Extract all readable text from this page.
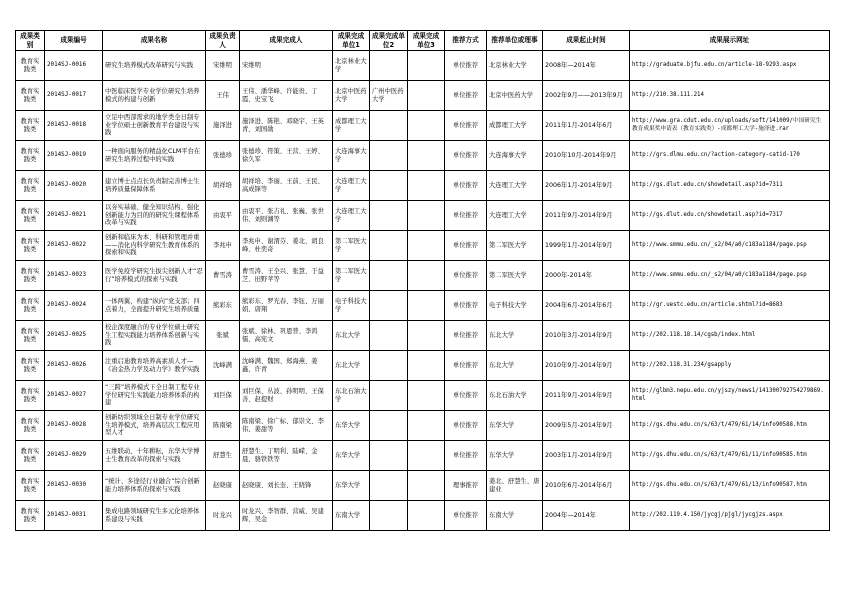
成果类别	成果编号	成果名称	成果负责人	成果完成人	成果完成单位1	成果完成单位2	成果完成单位3	推荐方式	推荐单位或理事	成果起止时间	成果展示网址
教育实践类	2014SJ-0016	研究生培养模式改革研究与实践	宋维明	宋维明	北京林业大学			单位推荐	北京林业大学	2008年—2014年	http://graduate.bjfu.edu.cn/article-18-9293.aspx
教育实践类	2014SJ-0017	中医临床医学专业学位研究生培养模式的构建与创新	王伟	王伟、潘华峰、许能贵、丁霞、史宝飞	北京中医药大学	广州中医药大学		单位推荐	北京中医药大学	2002年9月——2013年9月	http://210.38.111.214
教育实践类	2014SJ-0018	立足中西部需求的地学类全日制专业学位硕士创新教育平台建设与实践	施泽进	施泽进、陈艳、邓晓宇、王英青、刘国勋	成都理工大学			单位推荐	成都理工大学	2011年1月-2014年6月	http://www.gra.cdut.edu.cn/uploads/soft/141009/中国研究生教育成果奖申请表（教育实践类）-成都理工大学-施泽进.rar
教育实践类	2014SJ-0019	一种面向服务的精益化CLM平台在研究生培养过程中的实践	张德珍	张德珍、符策、王营、王婷、徐久军	大连海事大学			单位推荐	大连海事大学	2010年10月-2014年9月	http://grs.dlmu.edu.cn/?action-category-catid-170
教育实践类	2014SJ-0020	建立博士点点长负责制完善博士生培养质量保障体系	胡祥培	胡祥培、李丽、王前、王民、高成锋等	大连理工大学			单位推荐	大连理工大学	2006年1月-2014年9月	http://gs.dlut.edu.cn/showdetail.asp?id=7311
教育实践类	2014SJ-0021	以夯实基础、健全知识结构、强化创新能力为目的的研究生课程体系改革与实践	由衷平	由衷平、张吉礼、张巍、张世伟、刘则渊等	大连理工大学			单位推荐	大连理工大学	2011年9月-2014年9月	http://gs.dlut.edu.cn/showdetail.asp?id=7317
教育实践类	2014SJ-0022	创新和临床为本、科研和管理并重——消化内科学研究生教育体系的探索和实践	李兆申	李兆申、谢渭芬、姜北、胡良峰、杜奕奇	第二军医大学			单位推荐	第二军医大学	1999年1月-2014年9月	http://www.smmu.edu.cn/_s2/04/a0/c183a1184/page.psp
教育实践类	2014SJ-0023	医学免疫学研究生拔尖创新人才“忍行”培养模式的探索与实践	曹雪涛	曹雪涛、王全兴、张慧、于益芝、田野苹等	第二军医大学			单位推荐	第二军医大学	2000年-2014年	http://www.smmu.edu.cn/_s2/04/a0/c183a1184/page.psp
教育实践类	2014SJ-0024	一体两翼，构建“纵向”党支部；四点着力，全面提升研究生培养质量	熊彩东	熊彩东、罗光春、李钰、万丽娟、唐翔	电子科技大学			单位推荐	电子科技大学	2004年6月-2014年6月	http://gr.uestc.edu.cn/article.shtml?id=8683
教育实践类	2014SJ-0025	校企深度融合的专业学位硕士研究生工程实践能力培养体系创新与实践	张斌	张斌、徐林、巩恩普、李鸿儒、高宪文	东北大学			单位推荐	东北大学	2010年3月-2014年9月	http://202.118.18.14/cgsb/index.html
教育实践类	2014SJ-0026	注重启迪教育培养高素质人才—《冶金热力学及动力学》教学实践	沈峰满	沈峰满、魏国、郑海燕、姜鑫、许青	东北大学			单位推荐	东北大学	2010年9月-2014年9月	http://202.118.31.234/gsapply
教育实践类	2014SJ-0027	“三跨”培养模式下全日制工程专业学位研究生实践能力培养体系的构建	刘巨保	刘巨保、丛波、孙明明、王保善、赵提财	东北石油大学			单位推荐	东北石油大学	2011年9月-2014年9月	http://glbm3.nepu.edu.cn/yjszy/news1/141300792754279869.html
教育实践类	2014SJ-0028	创新纺织领域全日制专业学位研究生培养模式，培养高层次工程应用型人才	陈南梁	陈南梁、徐广标、郁崇文、李伟、姜甜等	东华大学			单位推荐	东华大学	2009年5月-2014年9月	http://gs.dhu.edu.cn/s/63/t/479/61/14/info90588.htm
教育实践类	2014SJ-0029	五维联动，十年耕耘，东华大学博士生教育改革的探索与实践	舒慧生	舒慧生、丁明利、陆嵘、金晨、骆铁铁等	东华大学			单位推荐	东华大学	2003年1月-2014年9月	http://gs.dhu.edu.cn/s/63/t/479/61/11/info90585.htm
教育实践类	2014SJ-0030	“统计、多途径行业融合”综合创新能力培养体系的探索与实践	赵晓康	赵晓康、刘长奎、王晓锋	东华大学			理事推荐	姜北、舒慧生、唐建业	2010年6月-2014年6月	http://gs.dhu.edu.cn/s/63/t/479/61/13/info90587.htm
教育实践类	2014SJ-0031	集成电路领域研究生多元化培养体系建设与实践	时龙兴	时龙兴、李智群、营威、吴建辉、吴金	东南大学			单位推荐	东南大学	2004年—2014年	http://202.119.4.150/jycgj/pjgl/jycgjzs.aspx
